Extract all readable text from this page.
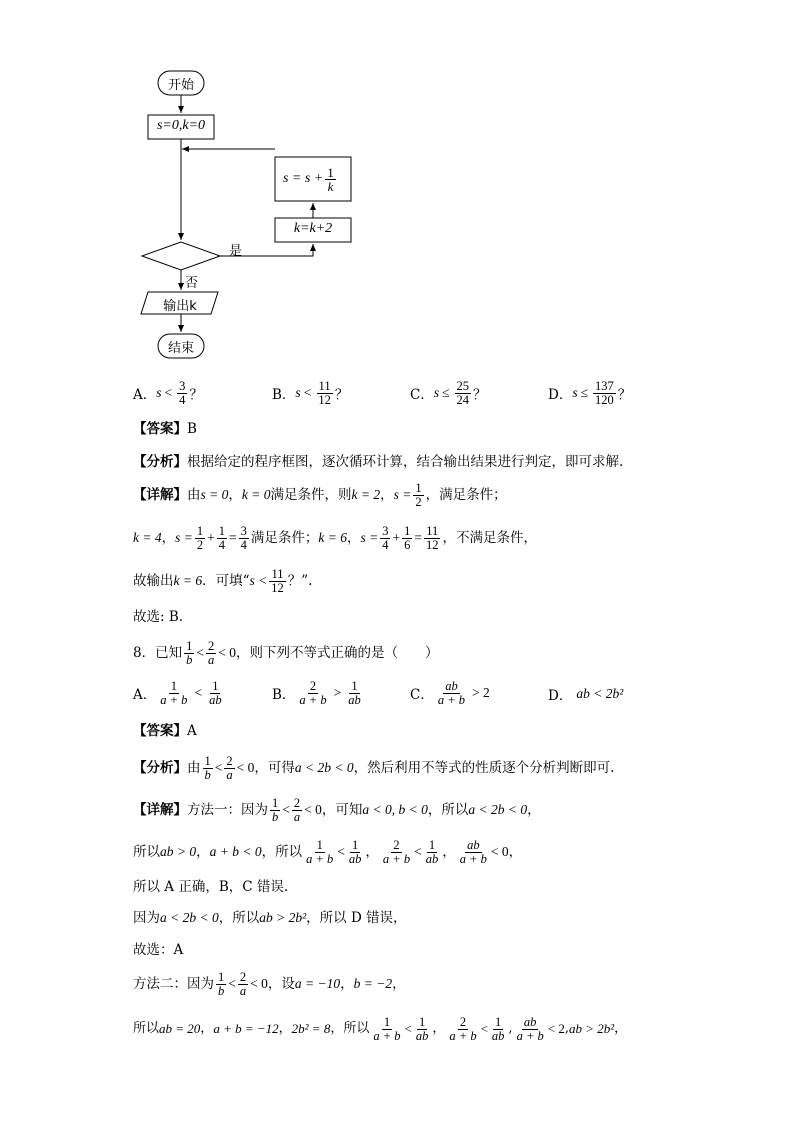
开始
s=0,k=0
$s = s + \frac{1}{k}$
k=k+2
是
否
输出k
结束
A． $s < \frac{3}{4}$ ？	B． $s < \frac{11}{12}$ ？	C． $s \le \frac{25}{24}$ ？	D． $s \le \frac{137}{120}$ ？
【答案】 B
【分析】 根据给定的程序框图，逐次循环计算，结合输出结果进行判定，即可求解.
【详解】 由 s = 0 ， k = 0 满足条件，则 k = 2 ， $s = \frac{1}{2}$ ，满足条件；
k = 4 ， $s = \frac{1}{2} + \frac{1}{4} = \frac{3}{4}$ 满足条件； k = 6 ， $s = \frac{3}{4} + \frac{1}{6} = \frac{11}{12}$ ，不满足条件，
故输出 k = 6 ．可填“ $s < \frac{11}{12}$ ？”.
故选: B.
8．已知 $\frac{1}{b} < \frac{2}{a} < 0$ ，则下列不等式正确的是（　　）
A． $\frac{1}{a + b} < \frac{1}{ab}$	B． $\frac{2}{a + b} > \frac{1}{ab}$	C． $\frac{ab}{a + b} > 2$	D． ab < 2b²
【答案】 A
【分析】 由 $\frac{1}{b} < \frac{2}{a} < 0$ ，可得 a < 2b < 0 ，然后利用不等式的性质逐个分析判断即可.
【详解】 方法一：因为 $\frac{1}{b} < \frac{2}{a} < 0$ ，可知 a < 0, b < 0 ，所以 a < 2b < 0 ，
所以 ab > 0 ， a + b < 0 ，所以 $\frac{1}{a + b} < \frac{1}{ab}$ ， $\frac{2}{a + b} < \frac{1}{ab}$ ， $\frac{ab}{a + b} < 0$ ，
所以 A 正确，B，C 错误.
因为 a < 2b < 0 ，所以 ab > 2b² ，所以 D 错误，
故选：A
方法二：因为 $\frac{1}{b} < \frac{2}{a} < 0$ ，设 a = −10 ， b = −2 ，
所以 ab = 20 ， a + b = −12 ， 2b² = 8 ，所以 $\frac{1}{a + b} < \frac{1}{ab}$ ， $\frac{2}{a + b} < \frac{1}{ab}$ , $\frac{ab}{a + b} < 2$ , ab > 2b² ，
